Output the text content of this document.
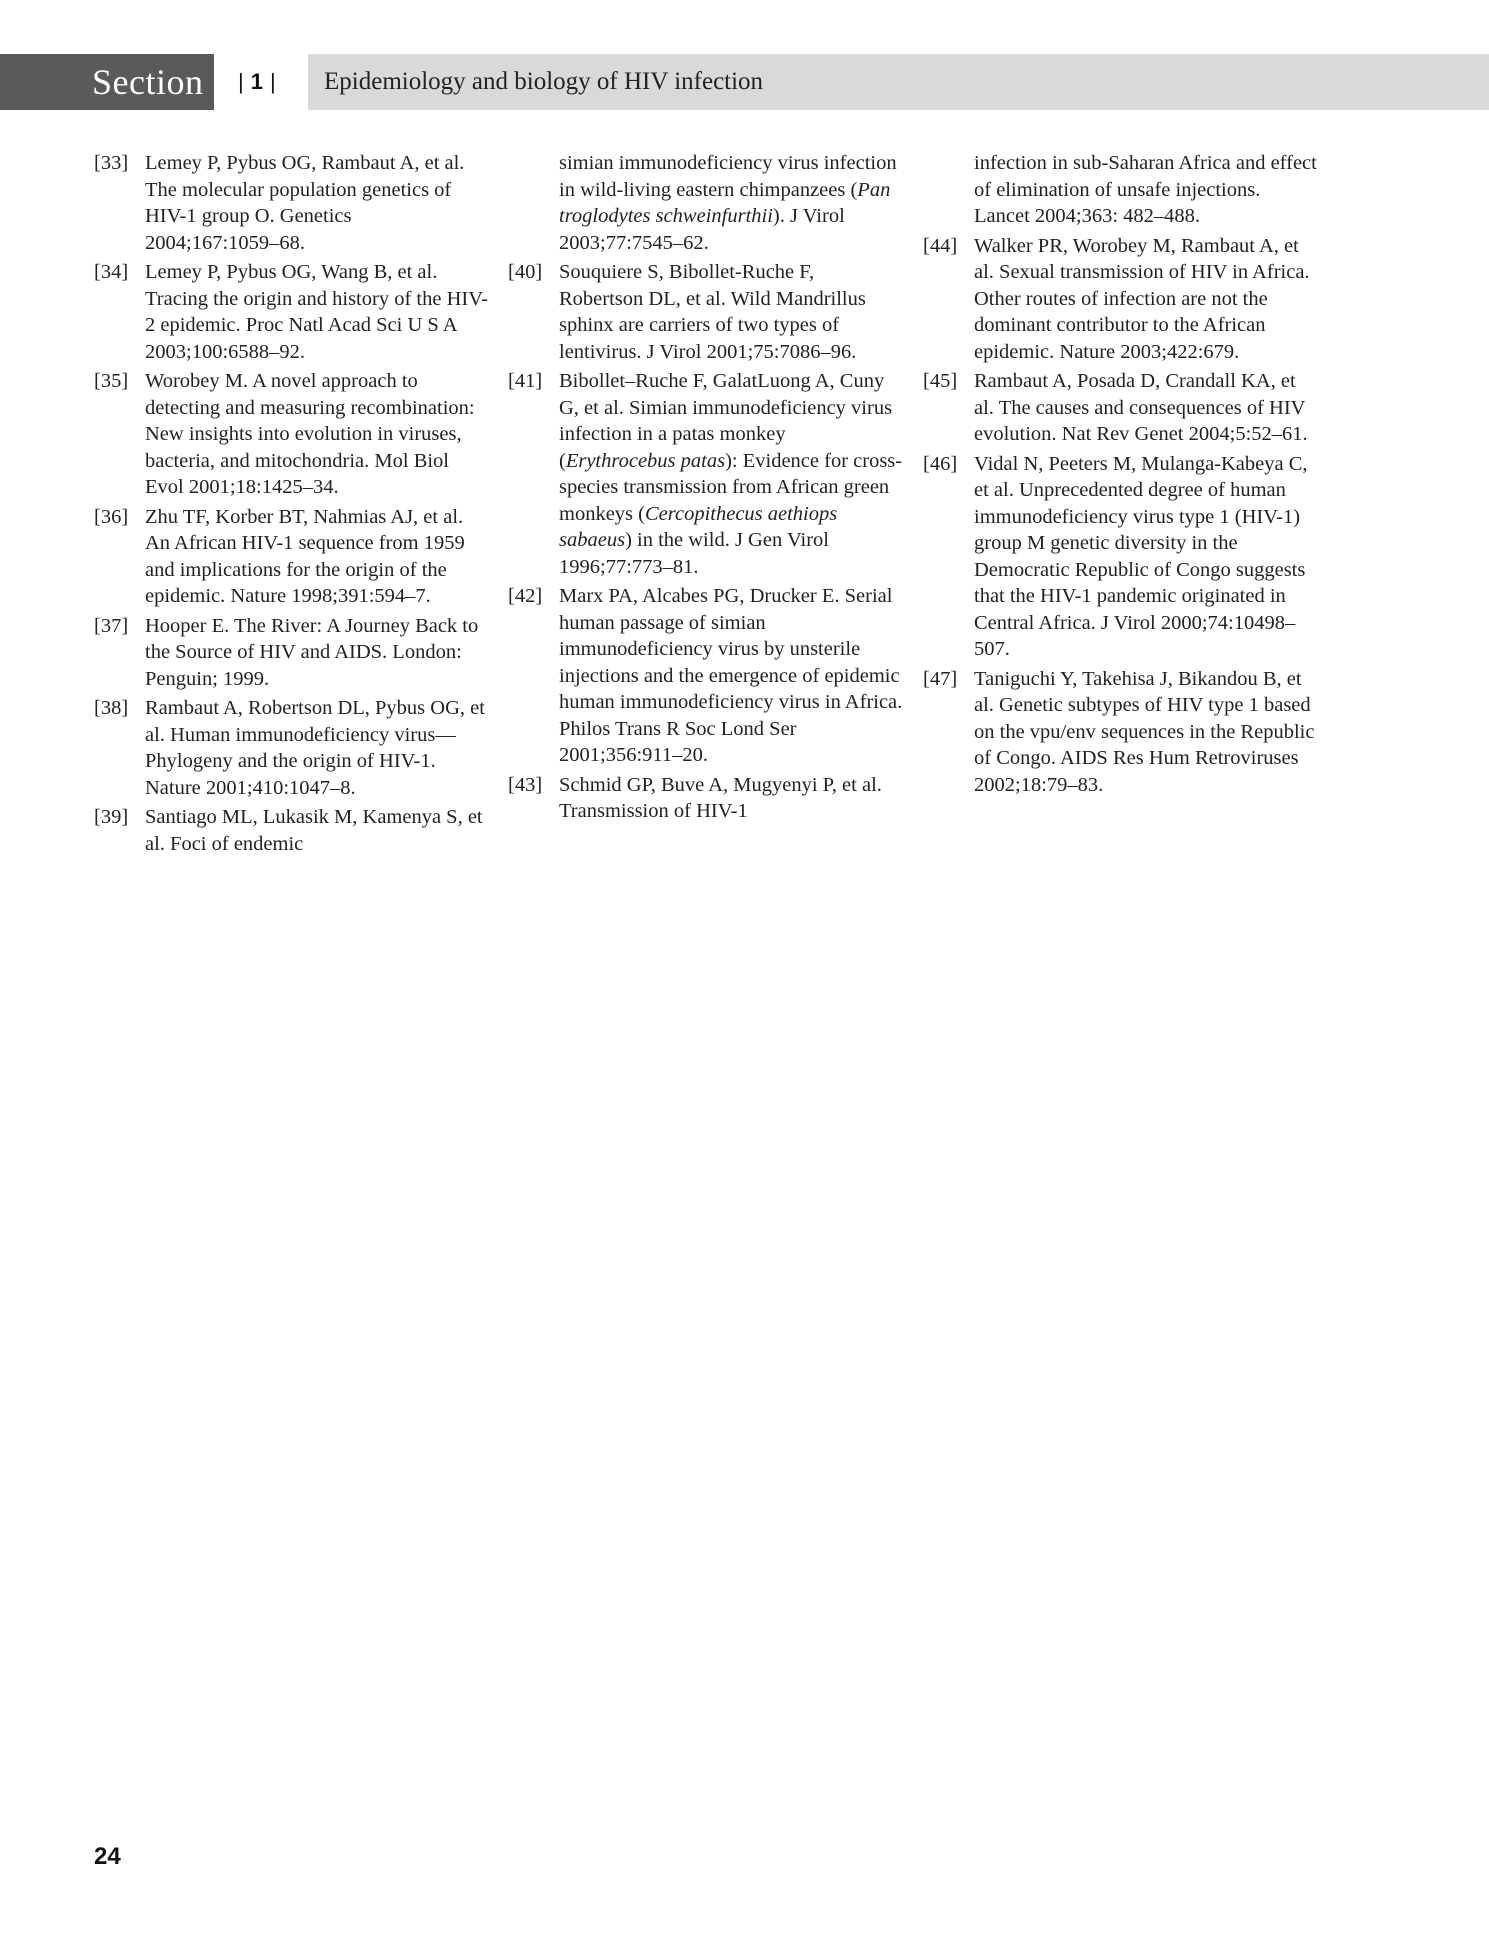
Section	| 1 |	Epidemiology and biology of HIV infection
[33] Lemey P, Pybus OG, Rambaut A, et al. The molecular population genetics of HIV-1 group O. Genetics 2004;167:1059–68.
[34] Lemey P, Pybus OG, Wang B, et al. Tracing the origin and history of the HIV-2 epidemic. Proc Natl Acad Sci U S A 2003;100:6588–92.
[35] Worobey M. A novel approach to detecting and measuring recombination: New insights into evolution in viruses, bacteria, and mitochondria. Mol Biol Evol 2001;18:1425–34.
[36] Zhu TF, Korber BT, Nahmias AJ, et al. An African HIV-1 sequence from 1959 and implications for the origin of the epidemic. Nature 1998;391:594–7.
[37] Hooper E. The River: A Journey Back to the Source of HIV and AIDS. London: Penguin; 1999.
[38] Rambaut A, Robertson DL, Pybus OG, et al. Human immunodeficiency virus—Phylogeny and the origin of HIV-1. Nature 2001;410:1047–8.
[39] Santiago ML, Lukasik M, Kamenya S, et al. Foci of endemic
simian immunodeficiency virus infection in wild-living eastern chimpanzees (Pan troglodytes schweinfurthii). J Virol 2003;77:7545–62.
[40] Souquiere S, Bibollet-Ruche F, Robertson DL, et al. Wild Mandrillus sphinx are carriers of two types of lentivirus. J Virol 2001;75:7086–96.
[41] Bibollet–Ruche F, GalatLuong A, Cuny G, et al. Simian immunodeficiency virus infection in a patas monkey (Erythrocebus patas): Evidence for cross-species transmission from African green monkeys (Cercopithecus aethiops sabaeus) in the wild. J Gen Virol 1996;77:773–81.
[42] Marx PA, Alcabes PG, Drucker E. Serial human passage of simian immunodeficiency virus by unsterile injections and the emergence of epidemic human immunodeficiency virus in Africa. Philos Trans R Soc Lond Ser 2001;356:911–20.
[43] Schmid GP, Buve A, Mugyenyi P, et al. Transmission of HIV-1
infection in sub-Saharan Africa and effect of elimination of unsafe injections. Lancet 2004;363: 482–488.
[44] Walker PR, Worobey M, Rambaut A, et al. Sexual transmission of HIV in Africa. Other routes of infection are not the dominant contributor to the African epidemic. Nature 2003;422:679.
[45] Rambaut A, Posada D, Crandall KA, et al. The causes and consequences of HIV evolution. Nat Rev Genet 2004;5:52–61.
[46] Vidal N, Peeters M, Mulanga-Kabeya C, et al. Unprecedented degree of human immunodeficiency virus type 1 (HIV-1) group M genetic diversity in the Democratic Republic of Congo suggests that the HIV-1 pandemic originated in Central Africa. J Virol 2000;74:10498–507.
[47] Taniguchi Y, Takehisa J, Bikandou B, et al. Genetic subtypes of HIV type 1 based on the vpu/env sequences in the Republic of Congo. AIDS Res Hum Retroviruses 2002;18:79–83.
24
